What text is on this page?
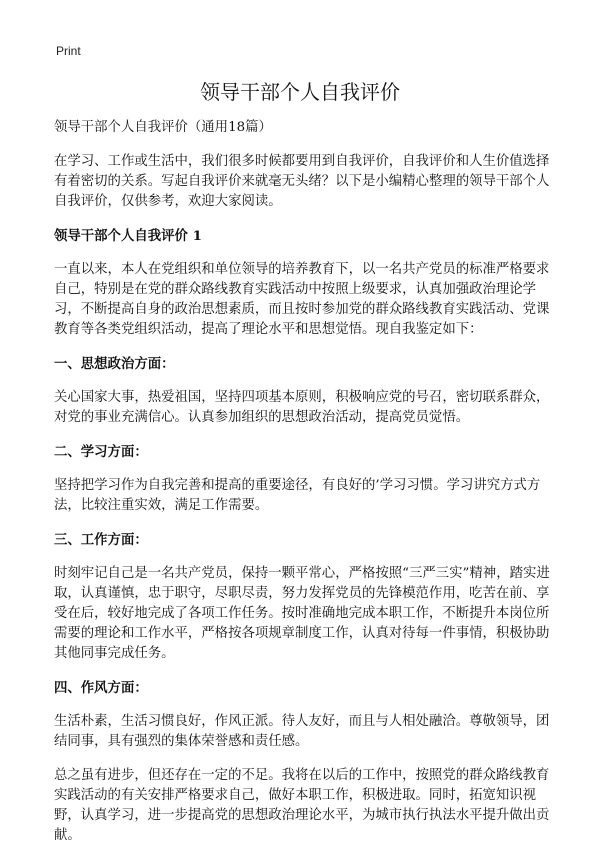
Print
领导干部个人自我评价

领导干部个人自我评价（通用18篇）

在学习、工作或生活中，我们很多时候都要用到自我评价，自我评价和人生价值选择有着密切的关系。写起自我评价来就毫无头绪？以下是小编精心整理的领导干部个人自我评价，仅供参考，欢迎大家阅读。

领导干部个人自我评价 1

一直以来，本人在党组织和单位领导的培养教育下，以一名共产党员的标准严格要求自己，特别是在党的群众路线教育实践活动中按照上级要求，认真加强政治理论学习，不断提高自身的政治思想素质，而且按时参加党的群众路线教育实践活动、党课教育等各类党组织活动，提高了理论水平和思想觉悟。现自我鉴定如下：

一、思想政治方面：

关心国家大事，热爱祖国，坚持四项基本原则，积极响应党的号召，密切联系群众，对党的事业充满信心。认真参加组织的思想政治活动，提高党员觉悟。

二、学习方面：

坚持把学习作为自我完善和提高的重要途径，有良好的’学习习惯。学习讲究方式方法，比较注重实效，满足工作需要。

三、工作方面：

时刻牢记自己是一名共产党员，保持一颗平常心，严格按照“三严三实”精神，踏实进取，认真谨慎，忠于职守，尽职尽责，努力发挥党员的先锋模范作用，吃苦在前、享受在后，较好地完成了各项工作任务。按时准确地完成本职工作，不断提升本岗位所需要的理论和工作水平，严格按各项规章制度工作，认真对待每一件事情，积极协助其他同事完成任务。

四、作风方面：

生活朴素，生活习惯良好，作风正派。待人友好，而且与人相处融洽。尊敬领导，团结同事，具有强烈的集体荣誉感和责任感。

总之虽有进步，但还存在一定的不足。我将在以后的工作中，按照党的群众路线教育实践活动的有关安排严格要求自己，做好本职工作，积极进取。同时，拓宽知识视野，认真学习，进一步提高党的思想政治理论水平，为城市执行执法水平提升做出贡献。
